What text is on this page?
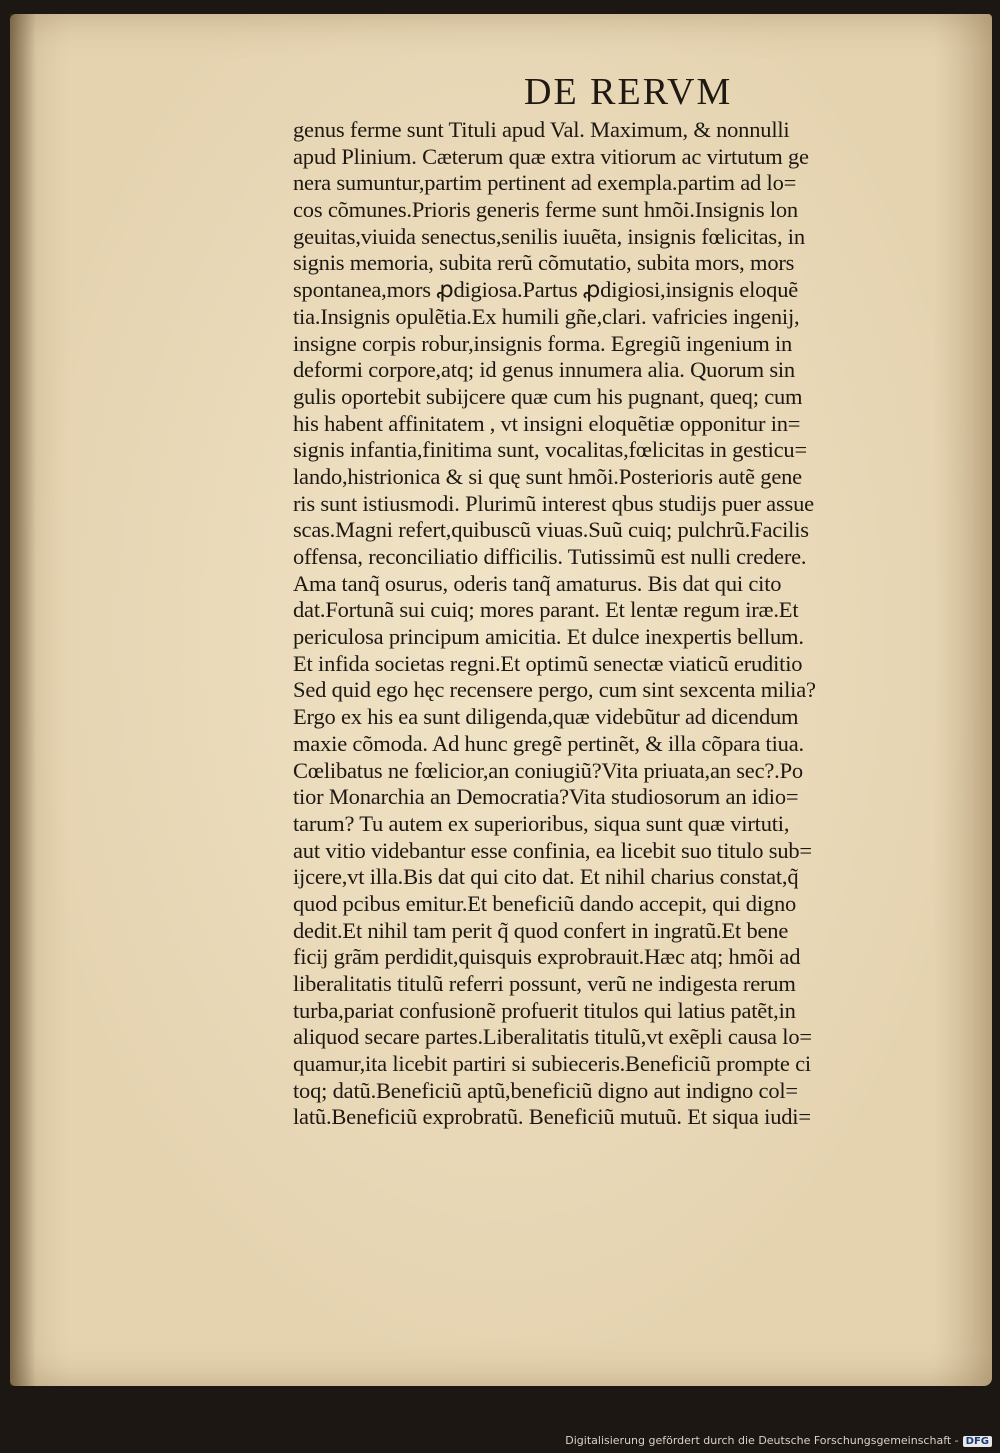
DE RERVM
genus ferme sunt Tituli apud Val. Maximum, & nonnulli
apud Plinium. Cæterum quæ extra vitiorum ac virtutum ge
nera sumuntur,partim pertinent ad exempla.partim ad lo=
cos cõmunes.Prioris generis ferme sunt hmõi.Insignis lon
geuitas,viuida senectus,senilis iuuẽta, insignis fœlicitas, in
signis memoria, subita rerũ cõmutatio, subita mors, mors
spontanea,mors ꝓdigiosa.Partus ꝓdigiosi,insignis eloquẽ
tia.Insignis opulẽtia.Ex humili gñe,clari. vafricies ingenij,
insigne corpis robur,insignis forma. Egregiũ ingenium in
deformi corpore,atq; id genus innumera alia. Quorum sin
gulis oportebit subijcere quæ cum his pugnant, queq; cum
his habent affinitatem , vt insigni eloquẽtiæ opponitur in=
signis infantia,finitima sunt, vocalitas,fœlicitas in gesticu=
lando,histrionica & si quę sunt hmõi.Posterioris autẽ gene
ris sunt istiusmodi. Plurimũ interest qbus studijs puer assue
scas.Magni refert,quibuscũ viuas.Suũ cuiq; pulchrũ.Facilis
offensa, reconciliatio difficilis. Tutissimũ est nulli credere.
Ama tanq̃ osurus, oderis tanq̃ amaturus. Bis dat qui cito
dat.Fortunã sui cuiq; mores parant. Et lentæ regum iræ.Et
periculosa principum amicitia. Et dulce inexpertis bellum.
Et infida societas regni.Et optimũ senectæ viaticũ eruditio
Sed quid ego hęc recensere pergo, cum sint sexcenta milia?
Ergo ex his ea sunt diligenda,quæ videbũtur ad dicendum
maxie cõmoda. Ad hunc gregẽ pertinẽt, & illa cõpara tiua.
Cœlibatus ne fœlicior,an coniugiũ?Vita priuata,an sec?.Po
tior Monarchia an Democratia?Vita studiosorum an idio=
tarum? Tu autem ex superioribus, siqua sunt quæ virtuti,
aut vitio videbantur esse confinia, ea licebit suo titulo sub=
ijcere,vt illa.Bis dat qui cito dat. Et nihil charius constat,q̃
quod pcibus emitur.Et beneficiũ dando accepit, qui digno
dedit.Et nihil tam perit q̃ quod confert in ingratũ.Et bene
ficij grãm perdidit,quisquis exprobrauit.Hæc atq; hmõi ad
liberalitatis titulũ referri possunt, verũ ne indigesta rerum
turba,pariat confusionẽ profuerit titulos qui latius patẽt,in
aliquod secare partes.Liberalitatis titulũ,vt exẽpli causa lo=
quamur,ita licebit partiri si subieceris.Beneficiũ prompte ci
toq; datũ.Beneficiũ aptũ,beneficiũ digno aut indigno col=
latũ.Beneficiũ exprobratũ. Beneficiũ mutuũ. Et siqua iudi=
Digitalisierung gefördert durch die Deutsche Forschungsgemeinschaft - DFG
